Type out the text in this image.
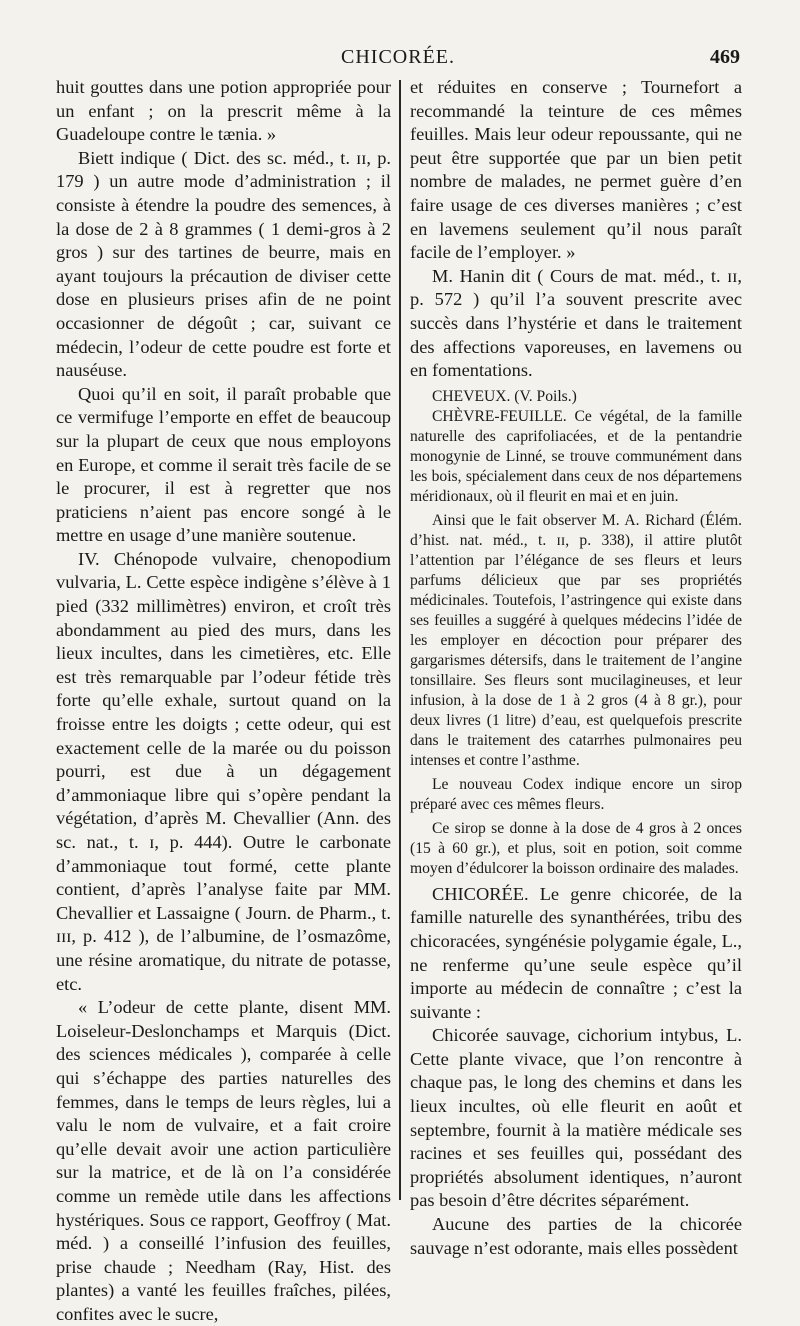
CHICORÉE.	469

huit gouttes dans une potion appropriée pour un enfant ; on la prescrit même à la Guadeloupe contre le tænia. »

Biett indique ( Dict. des sc. méd., t. ɪɪ, p. 179 ) un autre mode d’administration ; il consiste à étendre la poudre des semences, à la dose de 2 à 8 grammes ( 1 demi-gros à 2 gros ) sur des tartines de beurre, mais en ayant toujours la précaution de diviser cette dose en plusieurs prises afin de ne point occasionner de dégoût ; car, suivant ce médecin, l’odeur de cette poudre est forte et nauséuse.

Quoi qu’il en soit, il paraît probable que ce vermifuge l’emporte en effet de beaucoup sur la plupart de ceux que nous employons en Europe, et comme il serait très facile de se le procurer, il est à regretter que nos praticiens n’aient pas encore songé à le mettre en usage d’une manière soutenue.

IV. Chénopode vulvaire, chenopodium vulvaria, L. Cette espèce indigène s’élève à 1 pied (332 millimètres) environ, et croît très abondamment au pied des murs, dans les lieux incultes, dans les cimetières, etc. Elle est très remarquable par l’odeur fétide très forte qu’elle exhale, surtout quand on la froisse entre les doigts ; cette odeur, qui est exactement celle de la marée ou du poisson pourri, est due à un dégagement d’ammoniaque libre qui s’opère pendant la végétation, d’après M. Chevallier (Ann. des sc. nat., t. ɪ, p. 444). Outre le carbonate d’ammoniaque tout formé, cette plante contient, d’après l’analyse faite par MM. Chevallier et Lassaigne ( Journ. de Pharm., t. ɪɪɪ, p. 412 ), de l’albumine, de l’osmazôme, une résine aromatique, du nitrate de potasse, etc.

« L’odeur de cette plante, disent MM. Loiseleur-Deslonchamps et Marquis (Dict. des sciences médicales ), comparée à celle qui s’échappe des parties naturelles des femmes, dans le temps de leurs règles, lui a valu le nom de vulvaire, et a fait croire qu’elle devait avoir une action particulière sur la matrice, et de là on l’a considérée comme un remède utile dans les affections hystériques. Sous ce rapport, Geoffroy ( Mat. méd. ) a conseillé l’infusion des feuilles, prise chaude ; Needham (Ray, Hist. des plantes) a vanté les feuilles fraîches, pilées, confites avec le sucre,

et réduites en conserve ; Tournefort a recommandé la teinture de ces mêmes feuilles. Mais leur odeur repoussante, qui ne peut être supportée que par un bien petit nombre de malades, ne permet guère d’en faire usage de ces diverses manières ; c’est en lavemens seulement qu’il nous paraît facile de l’employer. »

M. Hanin dit ( Cours de mat. méd., t. ɪɪ, p. 572 ) qu’il l’a souvent prescrite avec succès dans l’hystérie et dans le traitement des affections vaporeuses, en lavemens ou en fomentations.

CHEVEUX. (V. Poils.)

CHÈVRE-FEUILLE. Ce végétal, de la famille naturelle des caprifoliacées, et de la pentandrie monogynie de Linné, se trouve communément dans les bois, spécialement dans ceux de nos départemens méridionaux, où il fleurit en mai et en juin.

Ainsi que le fait observer M. A. Richard (Élém. d’hist. nat. méd., t. ɪɪ, p. 338), il attire plutôt l’attention par l’élégance de ses fleurs et leurs parfums délicieux que par ses propriétés médicinales. Toutefois, l’astringence qui existe dans ses feuilles a suggéré à quelques médecins l’idée de les employer en décoction pour préparer des gargarismes détersifs, dans le traitement de l’angine tonsillaire. Ses fleurs sont mucilagineuses, et leur infusion, à la dose de 1 à 2 gros (4 à 8 gr.), pour deux livres (1 litre) d’eau, est quelquefois prescrite dans le traitement des catarrhes pulmonaires peu intenses et contre l’asthme.

Le nouveau Codex indique encore un sirop préparé avec ces mêmes fleurs.

Ce sirop se donne à la dose de 4 gros à 2 onces (15 à 60 gr.), et plus, soit en potion, soit comme moyen d’édulcorer la boisson ordinaire des malades.

CHICORÉE. Le genre chicorée, de la famille naturelle des synanthérées, tribu des chicoracées, syngénésie polygamie égale, L., ne renferme qu’une seule espèce qu’il importe au médecin de connaître ; c’est la suivante :

Chicorée sauvage, cichorium intybus, L. Cette plante vivace, que l’on rencontre à chaque pas, le long des chemins et dans les lieux incultes, où elle fleurit en août et septembre, fournit à la matière médicale ses racines et ses feuilles qui, possédant des propriétés absolument identiques, n’auront pas besoin d’être décrites séparément.

Aucune des parties de la chicorée sauvage n’est odorante, mais elles possèdent
